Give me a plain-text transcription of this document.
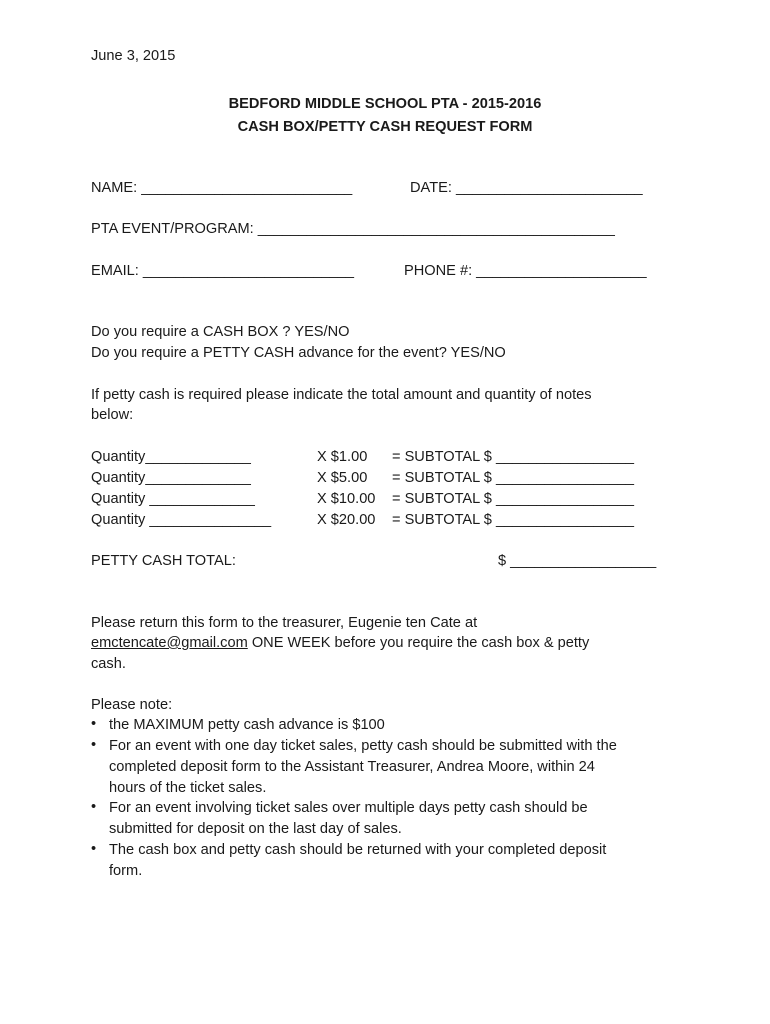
June 3, 2015
BEDFORD MIDDLE SCHOOL PTA - 2015-2016
CASH BOX/PETTY CASH REQUEST FORM
NAME: __________________________	DATE: _______________________
PTA EVENT/PROGRAM: ____________________________________________
EMAIL: __________________________	PHONE #: _____________________
Do you require a CASH BOX ? YES/NO
Do you require a PETTY CASH advance for the event? YES/NO
If petty cash is required please indicate the total amount and quantity of notes
below:
Quantity_____________	X $1.00 = SUBTOTAL $ _________________
Quantity_____________	X $5.00 = SUBTOTAL $ _________________
Quantity _____________	X $10.00 = SUBTOTAL $ _________________
Quantity _______________	X $20.00 = SUBTOTAL $ _________________
PETTY CASH TOTAL:	$ __________________
Please return this form to the treasurer, Eugenie ten Cate at
emctencate@gmail.com ONE WEEK before you require the cash box & petty
cash.
Please note:
• the MAXIMUM petty cash advance is $100
• For an event with one day ticket sales, petty cash should be submitted with the
completed deposit form to the Assistant Treasurer, Andrea Moore, within 24
hours of the ticket sales.
• For an event involving ticket sales over multiple days petty cash should be
submitted for deposit on the last day of sales.
• The cash box and petty cash should be returned with your completed deposit
form.
